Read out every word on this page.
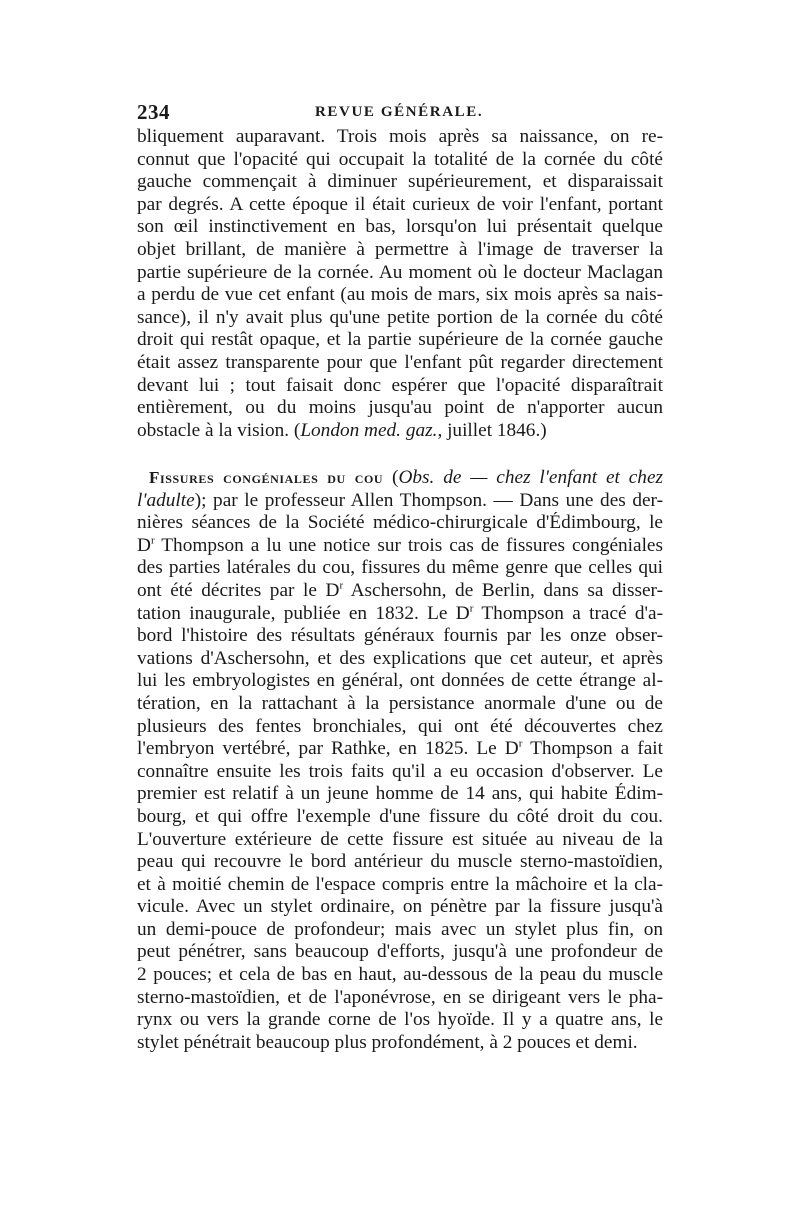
234	REVUE GÉNÉRALE.
bliquement auparavant. Trois mois après sa naissance, on re-
connut que l'opacité qui occupait la totalité de la cornée du côté
gauche commençait à diminuer supérieurement, et disparaissait
par degrés. A cette époque il était curieux de voir l'enfant, portant
son œil instinctivement en bas, lorsqu'on lui présentait quelque
objet brillant, de manière à permettre à l'image de traverser la
partie supérieure de la cornée. Au moment où le docteur Maclagan
a perdu de vue cet enfant (au mois de mars, six mois après sa nais-
sance), il n'y avait plus qu'une petite portion de la cornée du côté
droit qui restât opaque, et la partie supérieure de la cornée gauche
était assez transparente pour que l'enfant pût regarder directement
devant lui ; tout faisait donc espérer que l'opacité disparaîtrait
entièrement, ou du moins jusqu'au point de n'apporter aucun
obstacle à la vision. (London med. gaz., juillet 1846.)
Fissures congéniales du cou (Obs. de — chez l'enfant et chez
l'adulte); par le professeur Allen Thompson. — Dans une des der-
nières séances de la Société médico-chirurgicale d'Édimbourg, le
$D^r$ Thompson a lu une notice sur trois cas de fissures congéniales
des parties latérales du cou, fissures du même genre que celles qui
ont été décrites par le $D^r$ Aschersohn, de Berlin, dans sa disser-
tation inaugurale, publiée en 1832. Le $D^r$ Thompson a tracé d'a-
bord l'histoire des résultats généraux fournis par les onze obser-
vations d'Aschersohn, et des explications que cet auteur, et après
lui les embryologistes en général, ont données de cette étrange al-
tération, en la rattachant à la persistance anormale d'une ou de
plusieurs des fentes bronchiales, qui ont été découvertes chez
l'embryon vertébré, par Rathke, en 1825. Le $D^r$ Thompson a fait
connaître ensuite les trois faits qu'il a eu occasion d'observer. Le
premier est relatif à un jeune homme de 14 ans, qui habite Édim-
bourg, et qui offre l'exemple d'une fissure du côté droit du cou.
L'ouverture extérieure de cette fissure est située au niveau de la
peau qui recouvre le bord antérieur du muscle sterno-mastoïdien,
et à moitié chemin de l'espace compris entre la mâchoire et la cla-
vicule. Avec un stylet ordinaire, on pénètre par la fissure jusqu'à
un demi-pouce de profondeur; mais avec un stylet plus fin, on
peut pénétrer, sans beaucoup d'efforts, jusqu'à une profondeur de
2 pouces; et cela de bas en haut, au-dessous de la peau du muscle
sterno-mastoïdien, et de l'aponévrose, en se dirigeant vers le pha-
rynx ou vers la grande corne de l'os hyoïde. Il y a quatre ans, le
stylet pénétrait beaucoup plus profondément, à 2 pouces et demi.
